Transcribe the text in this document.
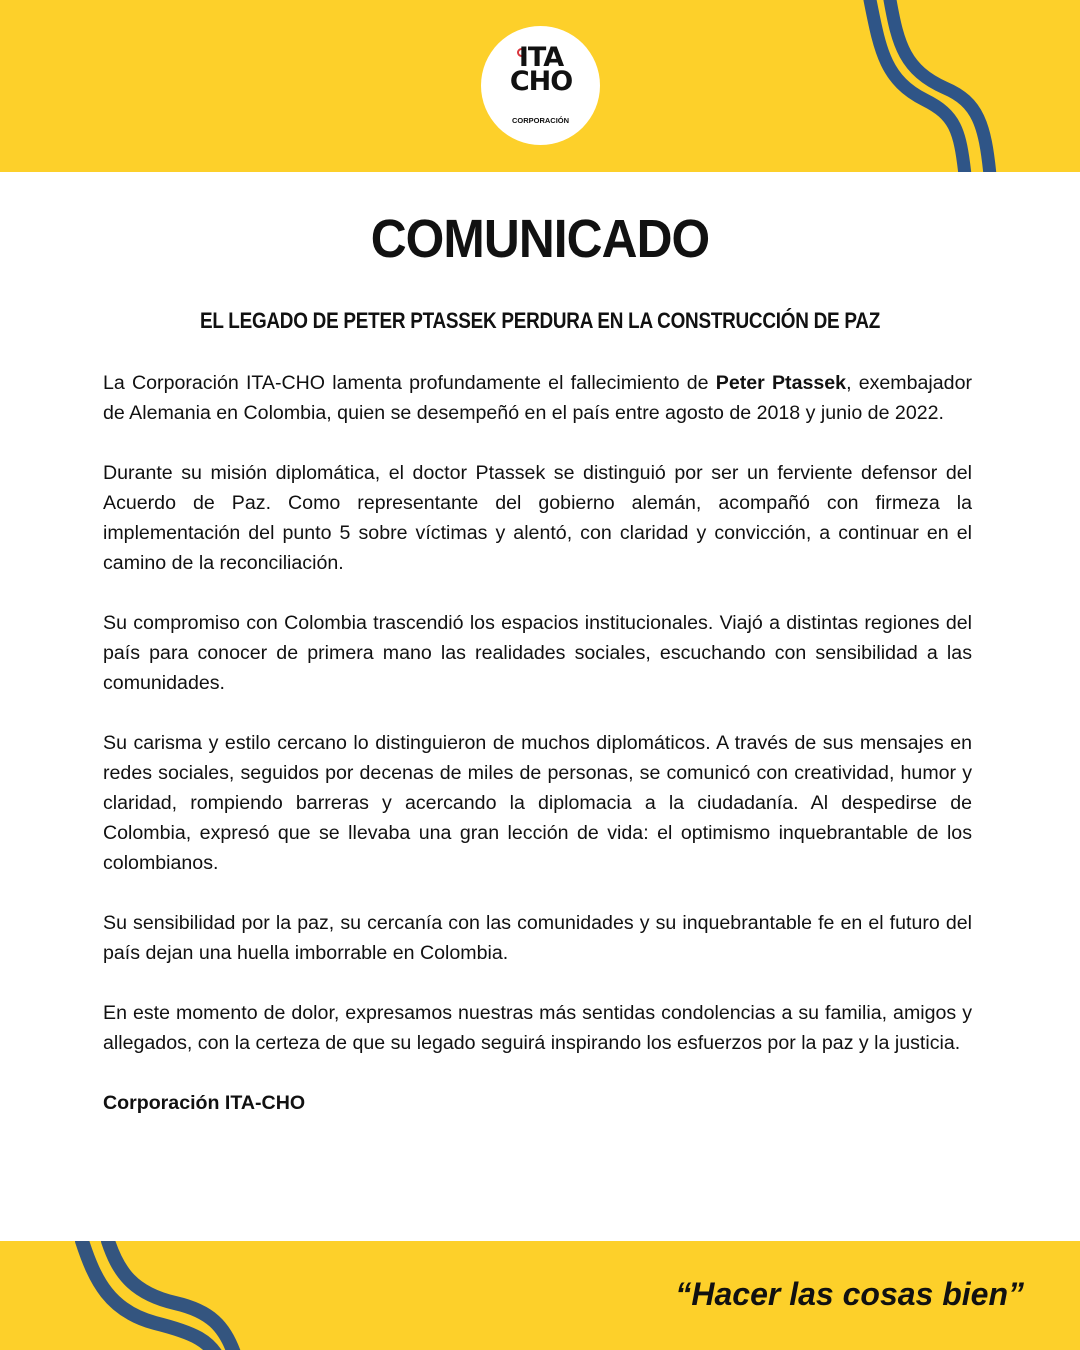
ITA
CHO
CORPORACIÓN
COMUNICADO
EL LEGADO DE PETER PTASSEK PERDURA EN LA CONSTRUCCIÓN DE PAZ

La Corporación ITA-CHO lamenta profundamente el fallecimiento de Peter Ptassek, exembajador de Alemania en Colombia, quien se desempeñó en el país entre agosto de 2018 y junio de 2022.

Durante su misión diplomática, el doctor Ptassek se distinguió por ser un ferviente defensor del Acuerdo de Paz. Como representante del gobierno alemán, acompañó con firmeza la implementación del punto 5 sobre víctimas y alentó, con claridad y convicción, a continuar en el camino de la reconciliación.

Su compromiso con Colombia trascendió los espacios institucionales. Viajó a distintas regiones del país para conocer de primera mano las realidades sociales, escuchando con sensibilidad a las comunidades.

Su carisma y estilo cercano lo distinguieron de muchos diplomáticos. A través de sus mensajes en redes sociales, seguidos por decenas de miles de personas, se comunicó con creatividad, humor y claridad, rompiendo barreras y acercando la diplomacia a la ciudadanía. Al despedirse de Colombia, expresó que se llevaba una gran lección de vida: el optimismo inquebrantable de los colombianos.

Su sensibilidad por la paz, su cercanía con las comunidades y su inquebrantable fe en el futuro del país dejan una huella imborrable en Colombia.

En este momento de dolor, expresamos nuestras más sentidas condolencias a su familia, amigos y allegados, con la certeza de que su legado seguirá inspirando los esfuerzos por la paz y la justicia.

Corporación ITA-CHO

“Hacer las cosas bien”
